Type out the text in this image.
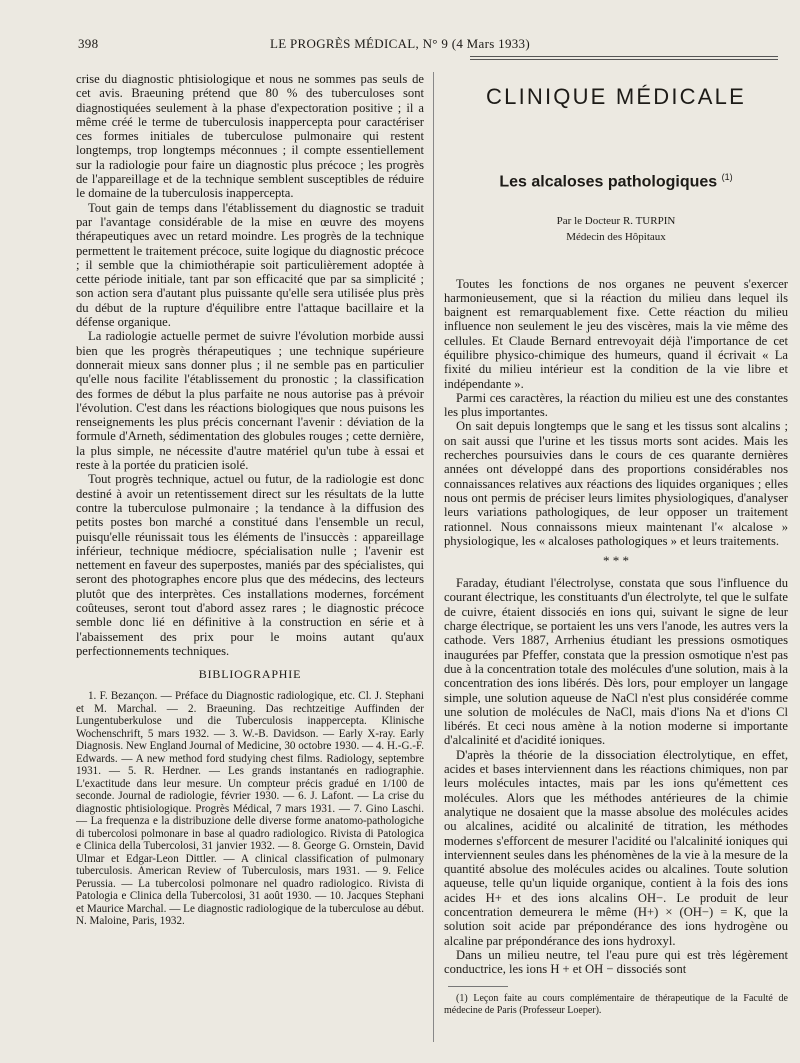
398	LE PROGRÈS MÉDICAL, N° 9 (4 Mars 1933)

crise du diagnostic phtisiologique et nous ne sommes pas seuls de cet avis. Braeuning prétend que 80 % des tuberculoses sont diagnostiquées seulement à la phase d'expectoration positive ; il a même créé le terme de tuberculosis inappercepta pour caractériser ces formes initiales de tuberculose pulmonaire qui restent longtemps, trop longtemps méconnues ; il compte essentiellement sur la radiologie pour faire un diagnostic plus précoce ; les progrès de l'appareillage et de la technique semblent susceptibles de réduire le domaine de la tuberculosis inappercepta.

Tout gain de temps dans l'établissement du diagnostic se traduit par l'avantage considérable de la mise en œuvre des moyens thérapeutiques avec un retard moindre. Les progrès de la technique permettent le traitement précoce, suite logique du diagnostic précoce ; il semble que la chimiothérapie soit particulièrement adoptée à cette période initiale, tant par son efficacité que par sa simplicité ; son action sera d'autant plus puissante qu'elle sera utilisée plus près du début de la rupture d'équilibre entre l'attaque bacillaire et la défense organique.

La radiologie actuelle permet de suivre l'évolution morbide aussi bien que les progrès thérapeutiques ; une technique supérieure donnerait mieux sans donner plus ; il ne semble pas en particulier qu'elle nous facilite l'établissement du pronostic ; la classification des formes de début la plus parfaite ne nous autorise pas à prévoir l'évolution. C'est dans les réactions biologiques que nous puisons les renseignements les plus précis concernant l'avenir : déviation de la formule d'Arneth, sédimentation des globules rouges ; cette dernière, la plus simple, ne nécessite d'autre matériel qu'un tube à essai et reste à la portée du praticien isolé.

Tout progrès technique, actuel ou futur, de la radiologie est donc destiné à avoir un retentissement direct sur les résultats de la lutte contre la tuberculose pulmonaire ; la tendance à la diffusion des petits postes bon marché a constitué dans l'ensemble un recul, puisqu'elle réunissait tous les éléments de l'insuccès : appareillage inférieur, technique médiocre, spécialisation nulle ; l'avenir est nettement en faveur des superpostes, maniés par des spécialistes, qui seront des photographes encore plus que des médecins, des lecteurs plutôt que des interprètes. Ces installations modernes, forcément coûteuses, seront tout d'abord assez rares ; le diagnostic précoce semble donc lié en définitive à la construction en série et à l'abaissement des prix pour le moins autant qu'aux perfectionnements techniques.

BIBLIOGRAPHIE

1. F. Bezançon. — Préface du Diagnostic radiologique, etc. Cl. J. Stephani et M. Marchal. — 2. Braeuning. Das rechtzeitige Auffinden der Lungentuberkulose und die Tuberculosis inappercepta. Klinische Wochenschrift, 5 mars 1932. — 3. W.-B. Davidson. — Early X-ray. Early Diagnosis. New England Journal of Medicine, 30 octobre 1930. — 4. H.-G.-F. Edwards. — A new method ford studying chest films. Radiology, septembre 1931. — 5. R. Herdner. — Les grands instantanés en radiographie. L'exactitude dans leur mesure. Un compteur précis gradué en 1/100 de seconde. Journal de radiologie, février 1930. — 6. J. Lafont. — La crise du diagnostic phtisiologique. Progrès Médical, 7 mars 1931. — 7. Gino Laschi. — La frequenza e la distribuzione delle diverse forme anatomo-pathologiche di tubercolosi polmonare in base al quadro radiologico. Rivista di Patologica e Clinica della Tubercolosi, 31 janvier 1932. — 8. George G. Ornstein, David Ulmar et Edgar-Leon Dittler. — A clinical classification of pulmonary tuberculosis. American Review of Tuberculosis, mars 1931. — 9. Felice Perussia. — La tubercolosi polmonare nel quadro radiologico. Rivista di Patologia e Clinica della Tubercolosi, 31 août 1930. — 10. Jacques Stephani et Maurice Marchal. — Le diagnostic radiologique de la tuberculose au début. N. Maloine, Paris, 1932.

CLINIQUE MÉDICALE
Les alcaloses pathologiques $^{(1)}$
Par le Docteur R. TURPIN
Médecin des Hôpitaux

Toutes les fonctions de nos organes ne peuvent s'exercer harmonieusement, que si la réaction du milieu dans lequel ils baignent est remarquablement fixe. Cette réaction du milieu influence non seulement le jeu des viscères, mais la vie même des cellules. Et Claude Bernard entrevoyait déjà l'importance de cet équilibre physico-chimique des humeurs, quand il écrivait « La fixité du milieu intérieur est la condition de la vie libre et indépendante ».

Parmi ces caractères, la réaction du milieu est une des constantes les plus importantes.

On sait depuis longtemps que le sang et les tissus sont alcalins ; on sait aussi que l'urine et les tissus morts sont acides. Mais les recherches poursuivies dans le cours de ces quarante dernières années ont développé dans des proportions considérables nos connaissances relatives aux réactions des liquides organiques ; elles nous ont permis de préciser leurs limites physiologiques, d'analyser leurs variations pathologiques, de leur opposer un traitement rationnel. Nous connaissons mieux maintenant l'« alcalose » physiologique, les « alcaloses pathologiques » et leurs traitements.

* * *

Faraday, étudiant l'électrolyse, constata que sous l'influence du courant électrique, les constituants d'un électrolyte, tel que le sulfate de cuivre, étaient dissociés en ions qui, suivant le signe de leur charge électrique, se portaient les uns vers l'anode, les autres vers la cathode. Vers 1887, Arrhenius étudiant les pressions osmotiques inaugurées par Pfeffer, constata que la pression osmotique n'est pas due à la concentration totale des molécules d'une solution, mais à la concentration des ions libérés. Dès lors, pour employer un langage simple, une solution aqueuse de NaCl n'est plus considérée comme une solution de molécules de NaCl, mais d'ions Na et d'ions Cl libérés. Et ceci nous amène à la notion moderne si importante d'alcalinité et d'acidité ioniques.

D'après la théorie de la dissociation électrolytique, en effet, acides et bases interviennent dans les réactions chimiques, non par leurs molécules intactes, mais par les ions qu'émettent ces molécules. Alors que les méthodes antérieures de la chimie analytique ne dosaient que la masse absolue des molécules acides ou alcalines, acidité ou alcalinité de titration, les méthodes modernes s'efforcent de mesurer l'acidité ou l'alcalinité ioniques qui interviennent seules dans les phénomènes de la vie à la mesure de la quantité absolue des molécules acides ou alcalines. Toute solution aqueuse, telle qu'un liquide organique, contient à la fois des ions acides H+ et des ions alcalins OH−. Le produit de leur concentration demeurera le même (H+) × (OH−) = K, que la solution soit acide par prépondérance des ions hydrogène ou alcaline par prépondérance des ions hydroxyl.

Dans un milieu neutre, tel l'eau pure qui est très légèrement conductrice, les ions H + et OH − dissociés sont

(1) Leçon faite au cours complémentaire de thérapeutique de la Faculté de médecine de Paris (Professeur Loeper).
